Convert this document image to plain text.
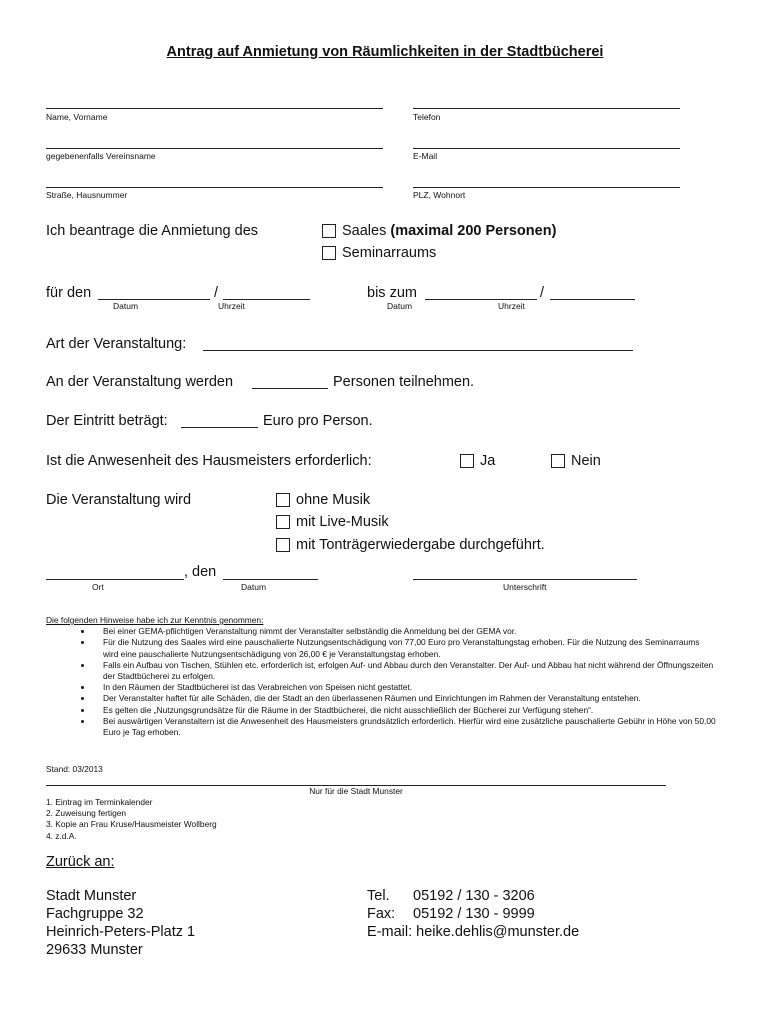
Antrag auf Anmietung von Räumlichkeiten in der Stadtbücherei
Name, Vorname	Telefon
gegebenenfalls Vereinsname	E-Mail
Straße, Hausnummer	PLZ, Wohnort
Ich beantrage die Anmietung des	Saales (maximal 200 Personen)
Seminarraums
für den	/
Datum	Uhrzeit
bis zum	/
Datum	Uhrzeit
Art der Veranstaltung:
An der Veranstaltung werden	Personen teilnehmen.
Der Eintritt beträgt:	Euro pro Person.
Ist die Anwesenheit des Hausmeisters erforderlich:	Ja	Nein
Die Veranstaltung wird	ohne Musik
mit Live-Musik
mit Tonträgerwiedergabe durchgeführt.
, den
Ort	Datum	Unterschrift
Die folgenden Hinweise habe ich zur Kenntnis genommen:
• Bei einer GEMA-pflichtigen Veranstaltung nimmt der Veranstalter selbständig die Anmeldung bei der GEMA vor.
• Für die Nutzung des Saales wird eine pauschalierte Nutzungsentschädigung von 77,00 Euro pro Veranstaltungstag erhoben. Für die Nutzung des Seminarraums wird eine pauschalierte Nutzungsentschädigung von 26,00 € je Veranstaltungstag erhoben.
• Falls ein Aufbau von Tischen, Stühlen etc. erforderlich ist, erfolgen Auf- und Abbau durch den Veranstalter. Der Auf- und Abbau hat nicht während der Öffnungszeiten der Stadtbücherei zu erfolgen.
• In den Räumen der Stadtbücherei ist das Verabreichen von Speisen nicht gestattet.
• Der Veranstalter haftet für alle Schäden, die der Stadt an den überlassenen Räumen und Einrichtungen im Rahmen der Veranstaltung entstehen.
• Es gelten die „Nutzungsgrundsätze für die Räume in der Stadtbücherei, die nicht ausschließlich der Bücherei zur Verfügung stehen“.
• Bei auswärtigen Veranstaltern ist die Anwesenheit des Hausmeisters grundsätzlich erforderlich. Hierfür wird eine zusätzliche pauschalierte Gebühr in Höhe von 50,00 Euro je Tag erhoben.
Stand: 03/2013
Nur für die Stadt Munster
1. Eintrag im Terminkalender
2. Zuweisung fertigen
3. Kopie an Frau Kruse/Hausmeister Wollberg
4. z.d.A.
Zurück an:
Stadt Munster
Fachgruppe 32
Heinrich-Peters-Platz 1
29633 Munster
Tel. 05192 / 130 - 3206
Fax: 05192 / 130 - 9999
E-mail: heike.dehlis@munster.de
